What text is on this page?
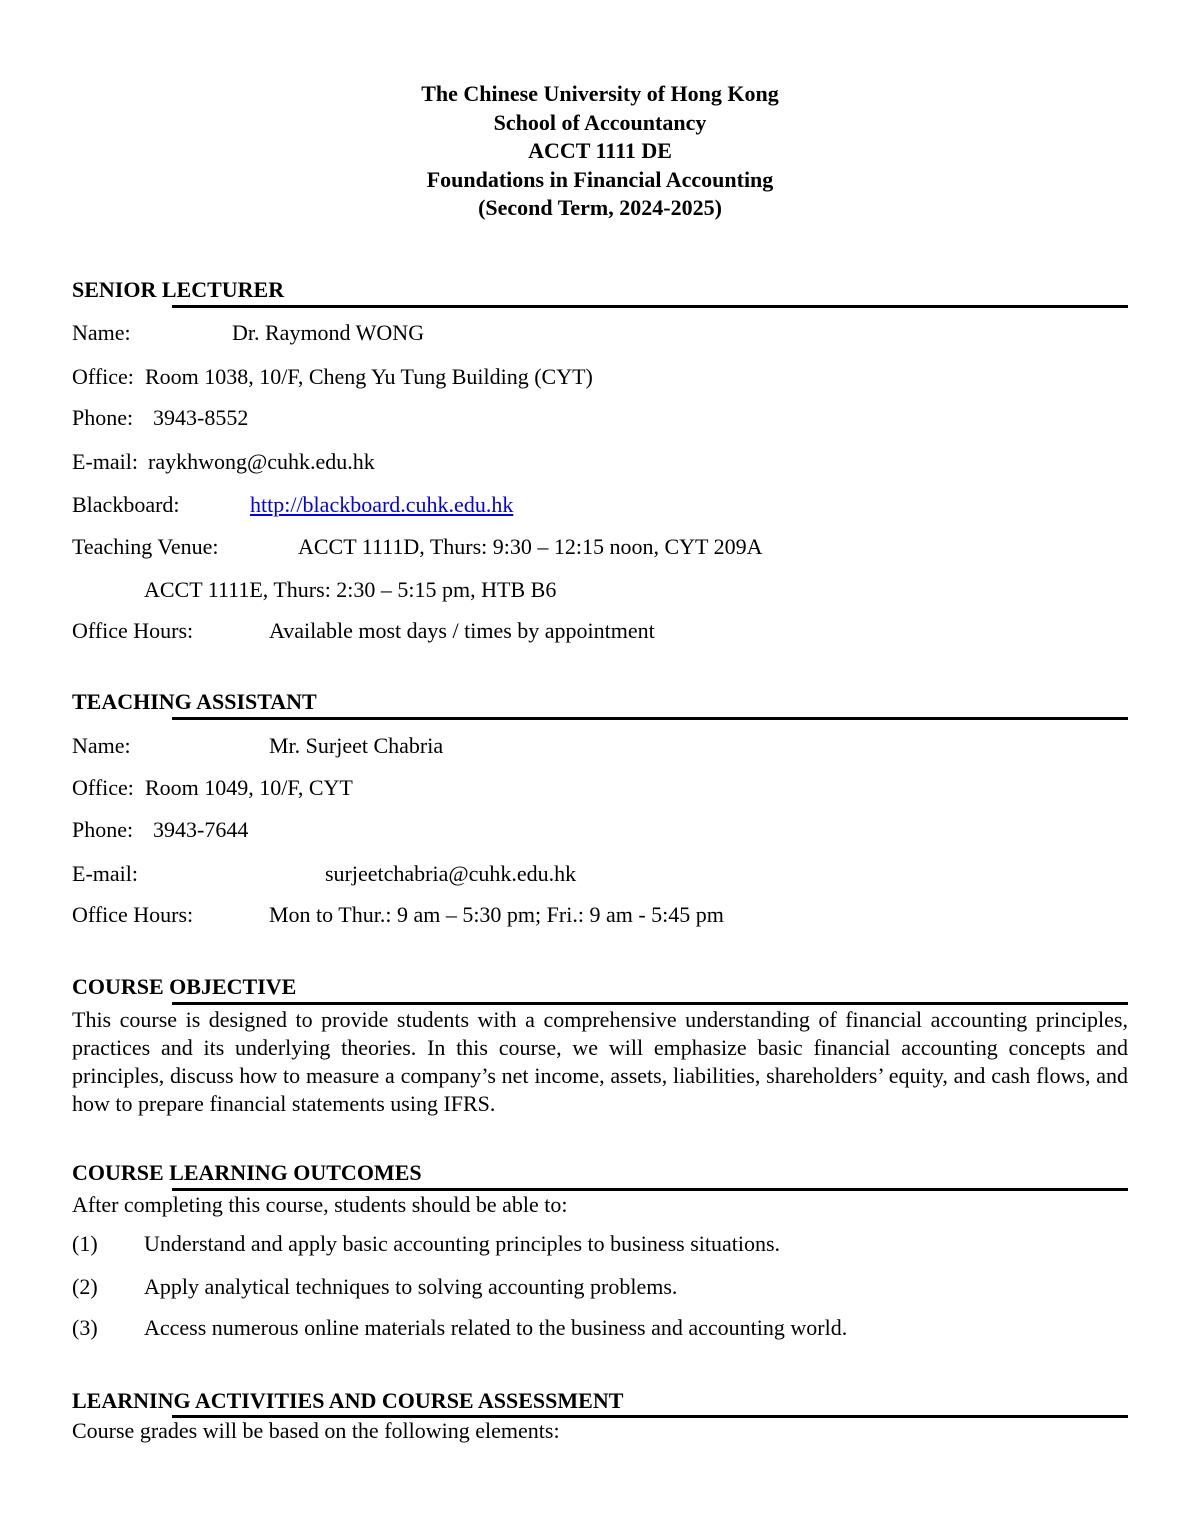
The Chinese University of Hong Kong
School of Accountancy
ACCT 1111 DE
Foundations in Financial Accounting
(Second Term, 2024-2025)
SENIOR LECTURER
Name:	Dr. Raymond WONG
Office: Room 1038, 10/F, Cheng Yu Tung Building (CYT)
Phone: 3943-8552
E-mail: raykhwong@cuhk.edu.hk
Blackboard:	http://blackboard.cuhk.edu.hk
Teaching Venue:	ACCT 1111D, Thurs: 9:30 – 12:15 noon, CYT 209A
ACCT 1111E, Thurs: 2:30 – 5:15 pm, HTB B6
Office Hours:	Available most days / times by appointment
TEACHING ASSISTANT
Name:	Mr. Surjeet Chabria
Office: Room 1049, 10/F, CYT
Phone: 3943-7644
E-mail:	surjeetchabria@cuhk.edu.hk
Office Hours:	Mon to Thur.: 9 am – 5:30 pm; Fri.: 9 am - 5:45 pm
COURSE OBJECTIVE
This course is designed to provide students with a comprehensive understanding of financial accounting principles, practices and its underlying theories. In this course, we will emphasize basic financial accounting concepts and principles, discuss how to measure a company’s net income, assets, liabilities, shareholders’ equity, and cash flows, and how to prepare financial statements using IFRS.
COURSE LEARNING OUTCOMES
After completing this course, students should be able to:
(1) Understand and apply basic accounting principles to business situations.
(2) Apply analytical techniques to solving accounting problems.
(3) Access numerous online materials related to the business and accounting world.
LEARNING ACTIVITIES AND COURSE ASSESSMENT
Course grades will be based on the following elements:
